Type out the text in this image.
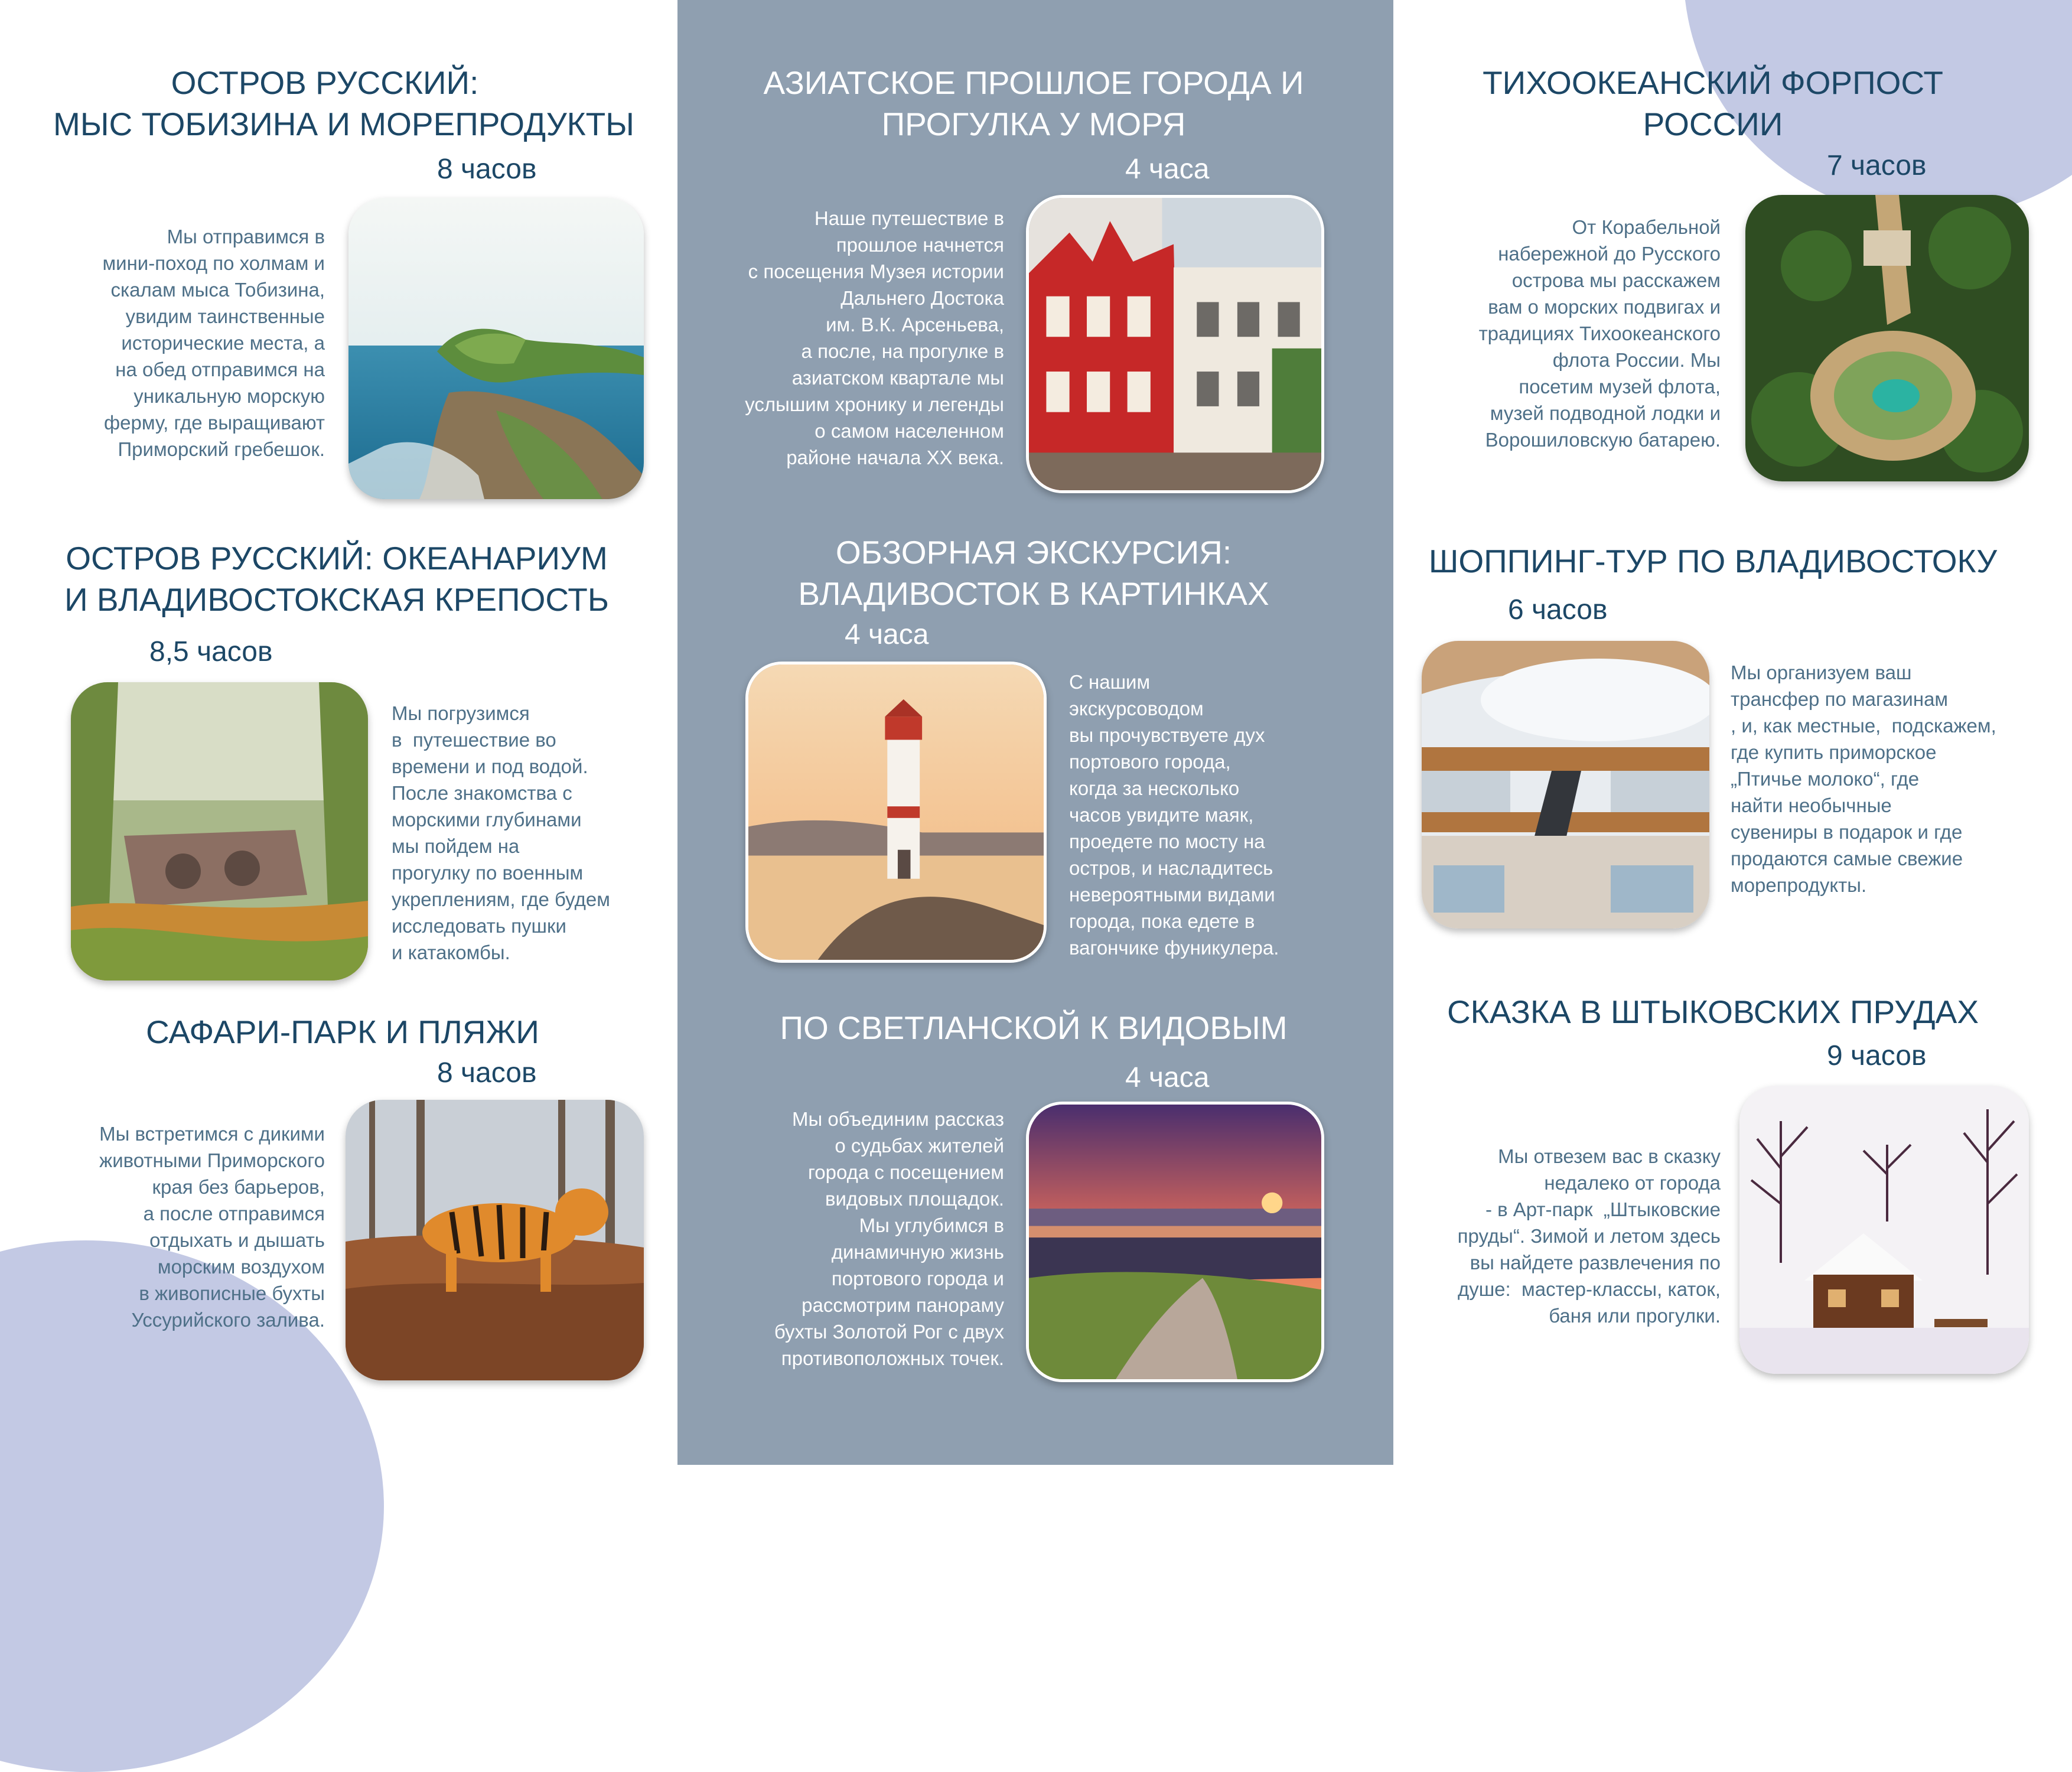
ОСТРОВ РУССКИЙ:
МЫС ТОБИЗИНА И МОРЕПРОДУКТЫ
8 часов

Мы отправимся в
мини-поход по холмам и
скалам мыса Тобизина,
увидим таинственные
исторические места, а
на обед отправимся на
уникальную морскую
ферму, где выращивают
Приморский гребешок.

ОСТРОВ РУССКИЙ: ОКЕАНАРИУМ
И ВЛАДИВОСТОКСКАЯ КРЕПОСТЬ
8,5 часов

Мы погрузимся
в  путешествие во
времени и под водой.
После знакомства с
морскими глубинами
мы пойдем на
прогулку по военным
укреплениям, где будем
исследовать пушки
и катакомбы.

САФАРИ-ПАРК И ПЛЯЖИ
8 часов

Мы встретимся с дикими
животными Приморского
края без барьеров,
а после отправимся
отдыхать и дышать
морским воздухом
в живописные бухты
Уссурийского залива.

АЗИАТСКОЕ ПРОШЛОЕ ГОРОДА И
ПРОГУЛКА У МОРЯ
4 часа

Наше путешествие в
прошлое начнется
с посещения Музея истории
Дальнего Достока
им. В.К. Арсеньева,
а после, на прогулке в
азиатском квартале мы
услышим хронику и легенды
о самом населенном
районе начала XX века.

ОБЗОРНАЯ ЭКСКУРСИЯ:
ВЛАДИВОСТОК В КАРТИНКАХ
4 часа

С нашим
экскурсоводом
вы прочувствуете дух
портового города,
когда за несколько
часов увидите маяк,
проедете по мосту на
остров, и насладитесь
невероятными видами
города, пока едете в
вагончике фуникулера.

ПО СВЕТЛАНСКОЙ К ВИДОВЫМ
4 часа

Мы объединим рассказ
о судьбах жителей
города с посещением
видовых площадок.
Мы углубимся в
динамичную жизнь
портового города и
рассмотрим панораму
бухты Золотой Рог с двух
противоположных точек.

ТИХООКЕАНСКИЙ ФОРПОСТ
РОССИИ
7 часов

От Корабельной
набережной до Русского
острова мы расскажем
вам о морских подвигах и
традициях Тихоокеанского
флота России. Мы
посетим музей флота,
музей подводной лодки и
Ворошиловскую батарею.

ШОППИНГ-ТУР ПО ВЛАДИВОСТОКУ
6 часов

Мы организуем ваш
трансфер по магазинам
, и, как местные,  подскажем,
где купить приморское
„Птичье молоко“, где
найти необычные
сувениры в подарок и где
продаются самые свежие
морепродукты.

СКАЗКА В ШТЫКОВСКИХ ПРУДАХ
9 часов

Мы отвезем вас в сказку
недалеко от города
- в Арт-парк  „Штыковские
пруды“. Зимой и летом здесь
вы найдете развлечения по
душе:  мастер-классы, каток,
баня или прогулки.
